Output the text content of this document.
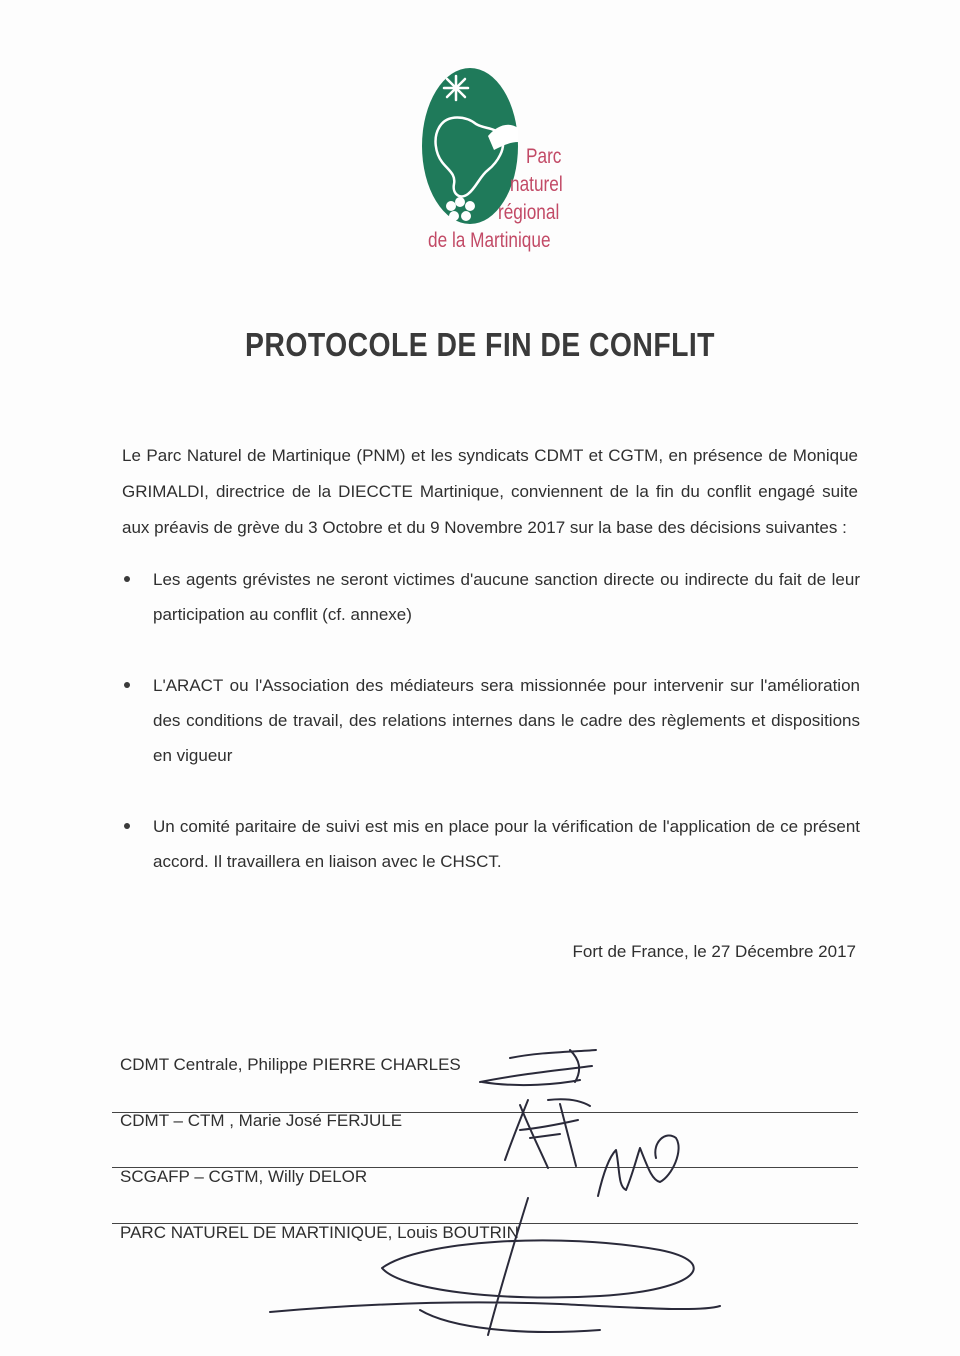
Parc
naturel
régional
de la Martinique
PROTOCOLE DE FIN DE CONFLIT
Le Parc Naturel de Martinique (PNM) et les syndicats CDMT et CGTM, en présence de Monique GRIMALDI, directrice de la DIECCTE Martinique, conviennent de la fin du conflit engagé suite aux préavis de grève du 3 Octobre et du 9 Novembre 2017 sur la base des décisions suivantes :
Les agents grévistes ne seront victimes d'aucune sanction directe ou indirecte du fait de leur participation au conflit (cf. annexe)
L'ARACT ou l'Association des médiateurs sera missionnée pour intervenir sur l'amélioration des conditions de travail, des relations internes dans le cadre des règlements et dispositions en vigueur
Un comité paritaire de suivi est mis en place pour la vérification de l'application de ce présent accord. Il travaillera en liaison avec le CHSCT.
Fort de France, le 27 Décembre 2017
CDMT Centrale, Philippe PIERRE CHARLES
CDMT – CTM , Marie José FERJULE
SCGAFP – CGTM, Willy DELOR
PARC NATUREL DE MARTINIQUE, Louis BOUTRIN
